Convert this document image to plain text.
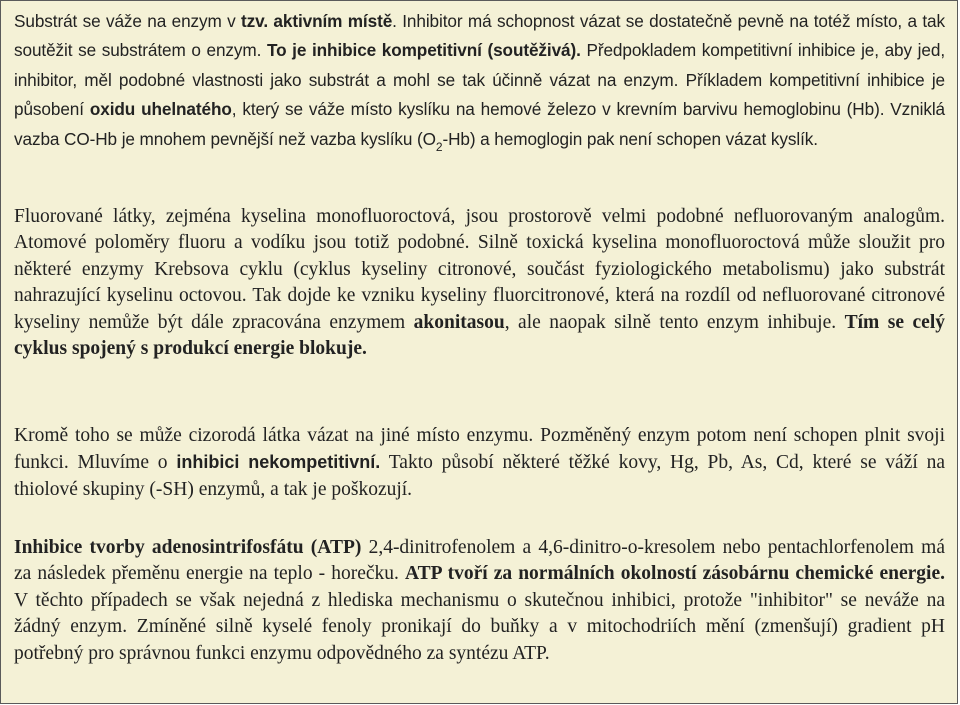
Substrát se váže na enzym v tzv. aktivním místě. Inhibitor má schopnost vázat se dostatečně pevně na totéž místo, a tak soutěžit se substrátem o enzym. To je inhibice kompetitivní (soutěživá). Předpokladem kompetitivní inhibice je, aby jed, inhibitor, měl podobné vlastnosti jako substrát a mohl se tak účinně vázat na enzym. Příkladem kompetitivní inhibice je působení oxidu uhelnatého, který se váže místo kyslíku na hemové železo v krevním barvivu hemoglobinu (Hb). Vzniklá vazba CO-Hb je mnohem pevnější než vazba kyslíku $(O_2-Hb)$ a hemoglogin pak není schopen vázat kyslík.

Fluorované látky, zejména kyselina monofluoroctová, jsou prostorově velmi podobné nefluorovaným analogům. Atomové poloměry fluoru a vodíku jsou totiž podobné. Silně toxická kyselina monofluoroctová může sloužit pro některé enzymy Krebsova cyklu (cyklus kyseliny citronové, součást fyziologického metabolismu) jako substrát nahrazující kyselinu octovou. Tak dojde ke vzniku kyseliny fluorcitronové, která na rozdíl od nefluorované citronové kyseliny nemůže být dále zpracována enzymem akonitasou, ale naopak silně tento enzym inhibuje. Tím se celý cyklus spojený s produkcí energie blokuje.

Kromě toho se může cizorodá látka vázat na jiné místo enzymu. Pozměněný enzym potom není schopen plnit svoji funkci. Mluvíme o inhibici nekompetitivní. Takto působí některé těžké kovy, Hg, Pb, As, Cd, které se váží na thiolové skupiny (-SH) enzymů, a tak je poškozují.

Inhibice tvorby adenosintrifosfátu (ATP) 2,4-dinitrofenolem a 4,6-dinitro-o-kresolem nebo pentachlorfenolem má za následek přeměnu energie na teplo - horečku. ATP tvoří za normálních okolností zásobárnu chemické energie. V těchto případech se však nejedná z hlediska mechanismu o skutečnou inhibici, protože "inhibitor" se neváže na žádný enzym. Zmíněné silně kyselé fenoly pronikají do buňky a v mitochodriích mění (zmenšují) gradient pH potřebný pro správnou funkci enzymu odpovědného za syntézu ATP.
